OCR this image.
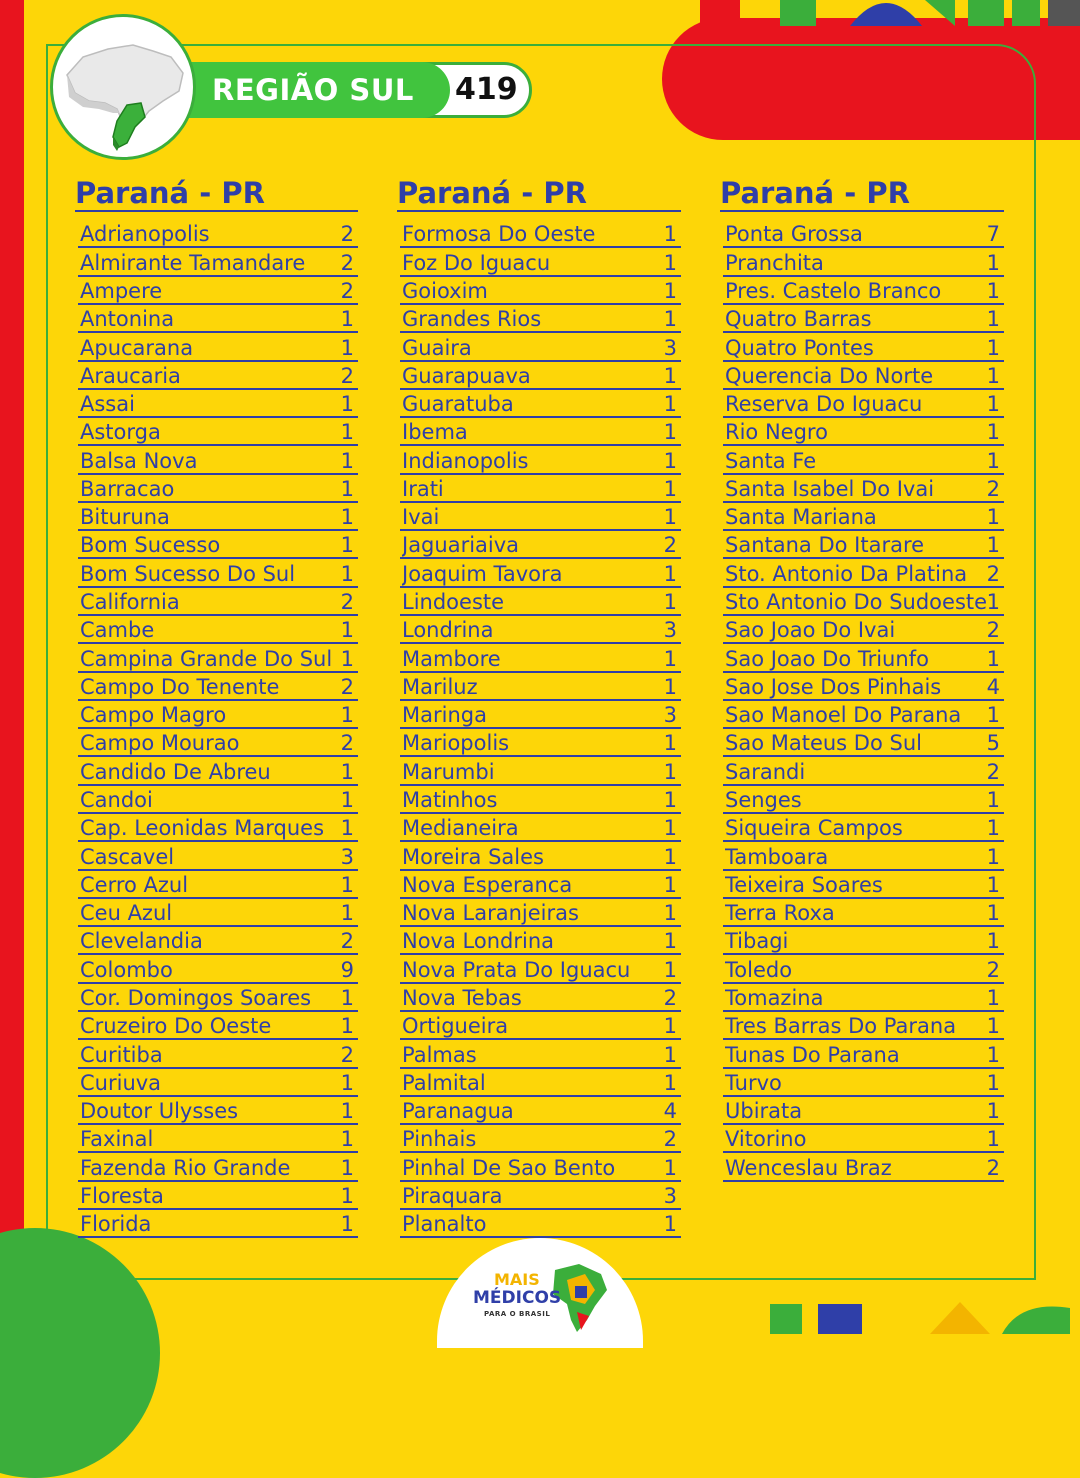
REGIÃO SUL 419
Paraná - PR
Adrianopolis	2
Almirante Tamandare 2
Ampere	2
Antonina	1
Apucarana	1
Araucaria	2
Assai	1
Astorga	1
Balsa Nova	1
Barracao	1
Bituruna	1
Bom Sucesso	1
Bom Sucesso Do Sul 1
California	2
Cambe	1
Campina Grande Do Sul 1
Campo Do Tenente	2
Campo Magro	1
Campo Mourao	2
Candido De Abreu	1
Candoi	1
Cap. Leonidas Marques 1
Cascavel	3
Cerro Azul	1
Ceu Azul	1
Clevelandia	2
Colombo	9
Cor. Domingos Soares 1
Cruzeiro Do Oeste	1
Curitiba	2
Curiuva	1
Doutor Ulysses	1
Faxinal	1
Fazenda Rio Grande 1
Floresta	1
Florida	1
Paraná - PR
Formosa Do Oeste	1
Foz Do Iguacu	1
Goioxim	1
Grandes Rios	1
Guaira	3
Guarapuava	1
Guaratuba	1
Ibema	1
Indianopolis	1
Irati	1
Ivai	1
Jaguariaiva	2
Joaquim Tavora	1
Lindoeste	1
Londrina	3
Mambore	1
Mariluz	1
Maringa	3
Mariopolis	1
Marumbi	1
Matinhos	1
Medianeira	1
Moreira Sales	1
Nova Esperanca	1
Nova Laranjeiras	1
Nova Londrina	1
Nova Prata Do Iguacu 1
Nova Tebas	2
Ortigueira	1
Palmas	1
Palmital	1
Paranagua	4
Pinhais	2
Pinhal De Sao Bento 1
Piraquara	3
Planalto	1
Paraná - PR
Ponta Grossa	7
Pranchita	1
Pres. Castelo Branco 1
Quatro Barras	1
Quatro Pontes	1
Querencia Do Norte	1
Reserva Do Iguacu	1
Rio Negro	1
Santa Fe	1
Santa Isabel Do Ivai	2
Santa Mariana	1
Santana Do Itarare	1
Sto. Antonio Da Platina 2
Sto Antonio Do Sudoeste 1
Sao Joao Do Ivai	2
Sao Joao Do Triunfo	1
Sao Jose Dos Pinhais 4
Sao Manoel Do Parana 1
Sao Mateus Do Sul	5
Sarandi	2
Senges	1
Siqueira Campos	1
Tamboara	1
Teixeira Soares	1
Terra Roxa	1
Tibagi	1
Toledo	2
Tomazina	1
Tres Barras Do Parana 1
Tunas Do Parana	1
Turvo	1
Ubirata	1
Vitorino	1
Wenceslau Braz	2
MAIS
MÉDICOS
PARA O BRASIL
